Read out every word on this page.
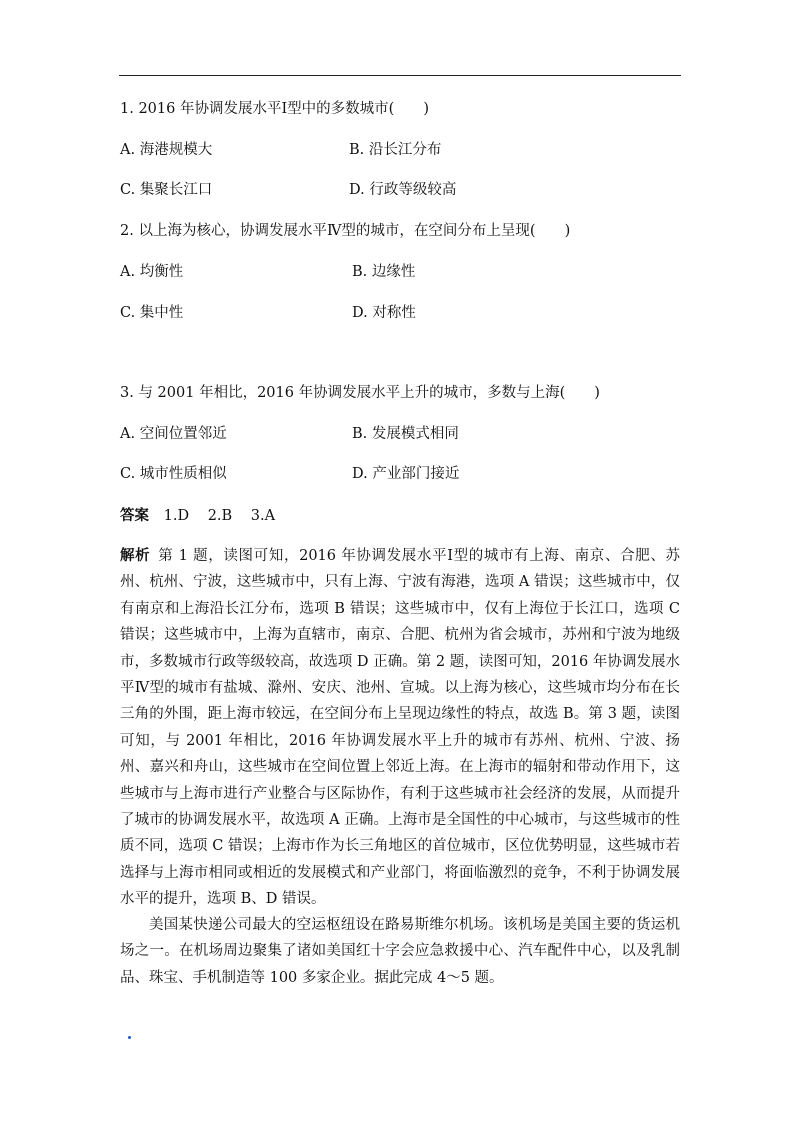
1. 2016 年协调发展水平Ⅰ型中的多数城市(　　)
A. 海港规模大	B. 沿长江分布
C. 集聚长江口	D. 行政等级较高
2. 以上海为核心，协调发展水平Ⅳ型的城市，在空间分布上呈现(　　)
A. 均衡性	B. 边缘性
C. 集中性	D. 对称性
3. 与 2001 年相比，2016 年协调发展水平上升的城市，多数与上海(　　)
A. 空间位置邻近	B. 发展模式相同
C. 城市性质相似	D. 产业部门接近
答案 1.D 2.B 3.A

解析 第 1 题，读图可知，2016 年协调发展水平Ⅰ型的城市有上海、南京、合肥、苏州、杭州、宁波，这些城市中，只有上海、宁波有海港，选项 A 错误；这些城市中，仅有南京和上海沿长江分布，选项 B 错误；这些城市中，仅有上海位于长江口，选项 C 错误；这些城市中，上海为直辖市，南京、合肥、杭州为省会城市，苏州和宁波为地级市，多数城市行政等级较高，故选项 D 正确。第 2 题，读图可知，2016 年协调发展水平Ⅳ型的城市有盐城、滁州、安庆、池州、宣城。以上海为核心，这些城市均分布在长三角的外围，距上海市较远，在空间分布上呈现边缘性的特点，故选 B。第 3 题，读图可知，与 2001 年相比，2016 年协调发展水平上升的城市有苏州、杭州、宁波、扬州、嘉兴和舟山，这些城市在空间位置上邻近上海。在上海市的辐射和带动作用下，这些城市与上海市进行产业整合与区际协作，有利于这些城市社会经济的发展，从而提升了城市的协调发展水平，故选项 A 正确。上海市是全国性的中心城市，与这些城市的性质不同，选项 C 错误；上海市作为长三角地区的首位城市，区位优势明显，这些城市若选择与上海市相同或相近的发展模式和产业部门，将面临激烈的竞争，不利于协调发展水平的提升，选项 B、D 错误。

美国某快递公司最大的空运枢纽设在路易斯维尔机场。该机场是美国主要的货运机场之一。在机场周边聚集了诸如美国红十字会应急救援中心、汽车配件中心，以及乳制品、珠宝、手机制造等 100 多家企业。据此完成 4～5 题。
